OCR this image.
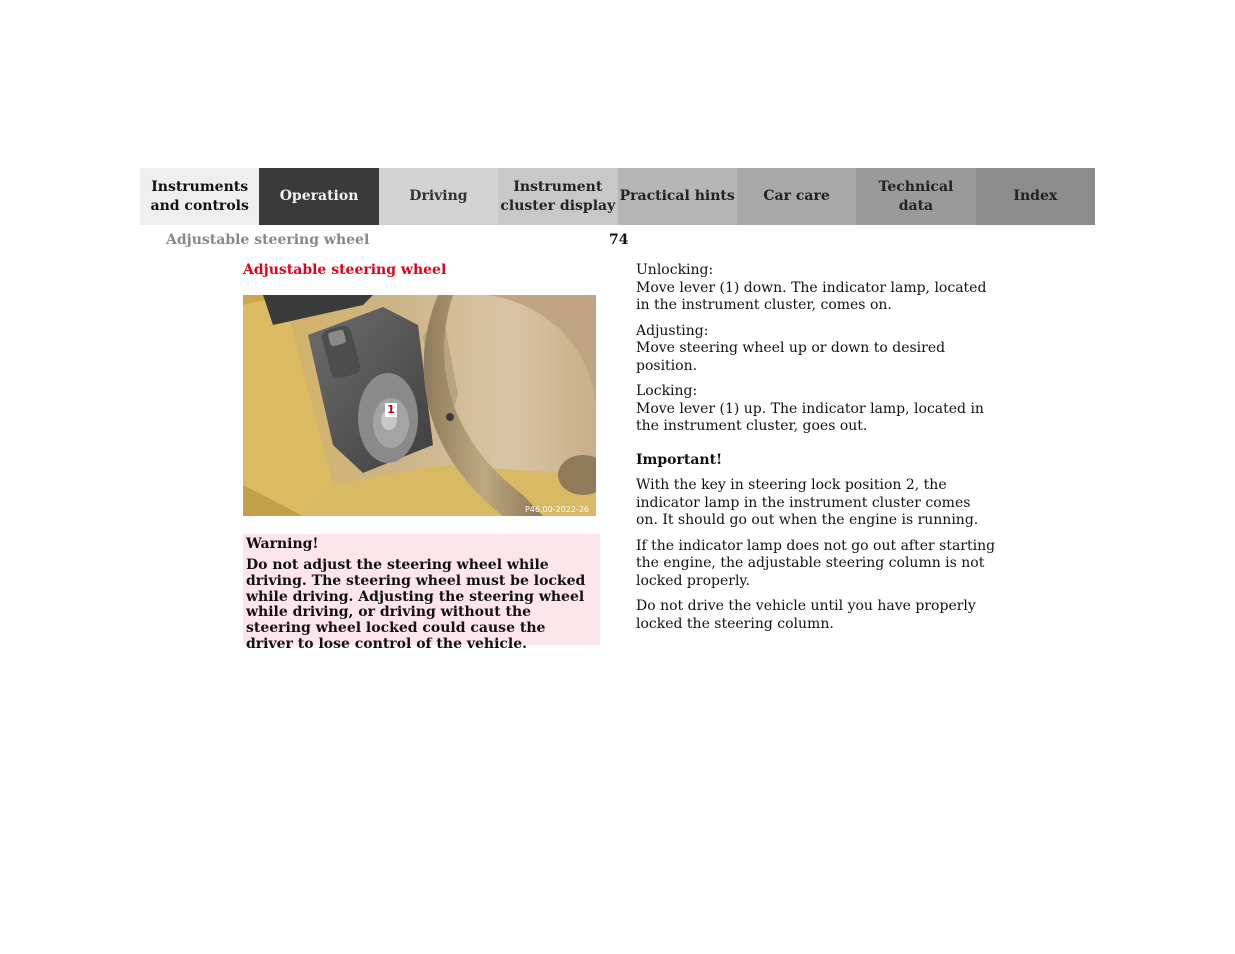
Instruments
and controls
Operation	Driving
Instrument
cluster display
Practical hints Car care
Technical
data
Index
Adjustable steering wheel	74
Adjustable steering wheel
1
P46.00-2022-26

Warning!

Do not adjust the steering wheel while driving. The steering wheel must be locked while driving. Adjusting the steering wheel while driving, or driving without the steering wheel locked could cause the driver to lose control of the vehicle.

Unlocking:

Move lever (1) down. The indicator lamp, located in the instrument cluster, comes on.

Adjusting:

Move steering wheel up or down to desired position.

Locking:

Move lever (1) up. The indicator lamp, located in the instrument cluster, goes out.

Important!

With the key in steering lock position 2, the indicator lamp in the instrument cluster comes on. It should go out when the engine is running.

If the indicator lamp does not go out after starting the engine, the adjustable steering column is not locked properly.

Do not drive the vehicle until you have properly locked the steering column.
